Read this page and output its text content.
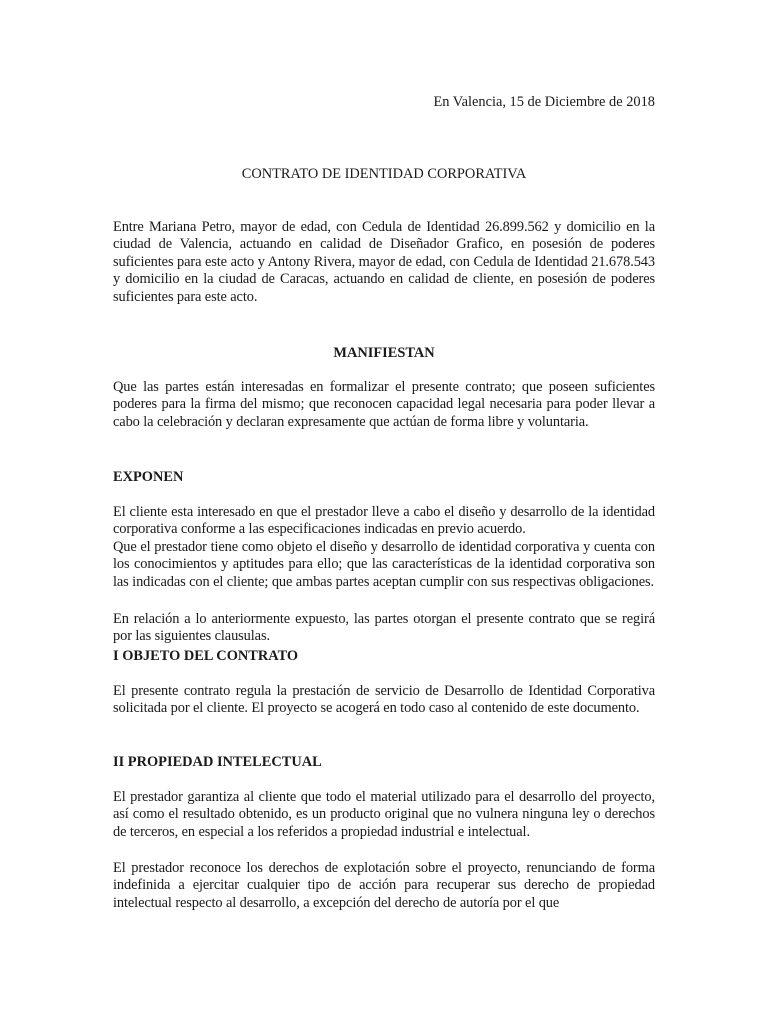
En Valencia, 15 de Diciembre de 2018
CONTRATO DE IDENTIDAD CORPORATIVA
Entre Mariana Petro, mayor de edad, con Cedula de Identidad 26.899.562 y domicilio en la ciudad de Valencia, actuando en calidad de Diseñador Grafico, en posesión de poderes suficientes para este acto y Antony Rivera, mayor de edad, con Cedula de Identidad 21.678.543 y domicilio en la ciudad de Caracas, actuando en calidad de cliente, en posesión de poderes suficientes para este acto.
MANIFIESTAN
Que las partes están interesadas en formalizar el presente contrato; que poseen suficientes poderes para la firma del mismo; que reconocen capacidad legal necesaria para poder llevar a cabo la celebración y declaran expresamente que actúan de forma libre y voluntaria.
EXPONEN
El cliente esta interesado en que el prestador lleve a cabo el diseño y desarrollo de la identidad corporativa conforme a las especificaciones indicadas en previo acuerdo.
Que el prestador tiene como objeto el diseño y desarrollo de identidad corporativa y cuenta con los conocimientos y aptitudes para ello; que las características de la identidad corporativa son las indicadas con el cliente; que ambas partes aceptan cumplir con sus respectivas obligaciones.
En relación a lo anteriormente expuesto, las partes otorgan el presente contrato que se regirá por las siguientes clausulas.
I OBJETO DEL CONTRATO
El presente contrato regula la prestación de servicio de Desarrollo de Identidad Corporativa solicitada por el cliente. El proyecto se acogerá en todo caso al contenido de este documento.
II PROPIEDAD INTELECTUAL
El prestador garantiza al cliente que todo el material utilizado para el desarrollo del proyecto, así como el resultado obtenido, es un producto original que no vulnera ninguna ley o derechos de terceros, en especial a los referidos a propiedad industrial e intelectual.
El prestador reconoce los derechos de explotación sobre el proyecto, renunciando de forma indefinida a ejercitar cualquier tipo de acción para recuperar sus derecho de propiedad intelectual respecto al desarrollo, a excepción del derecho de autoría por el que
